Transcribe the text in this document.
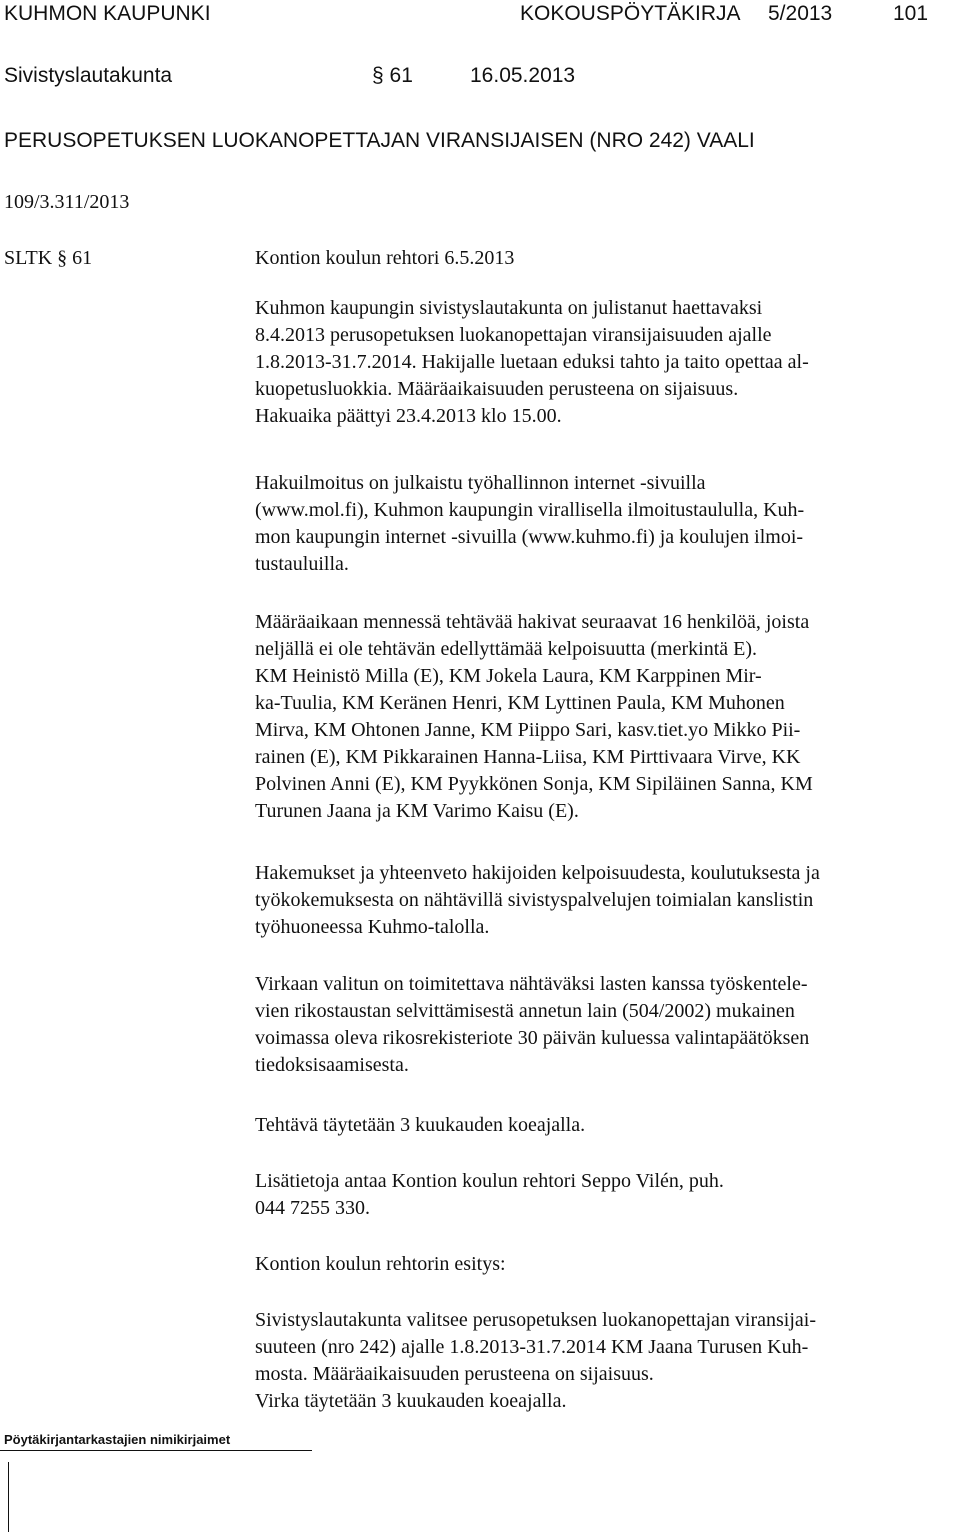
KUHMON KAUPUNKI	KOKOUSPÖYTÄKIRJA 5/2013	101
Sivistyslautakunta	§ 61	16.05.2013
PERUSOPETUKSEN LUOKANOPETTAJAN VIRANSIJAISEN (NRO 242) VAALI
109/3.311/2013
SLTK § 61	Kontion koulun rehtori 6.5.2013
Kuhmon kaupungin sivistyslautakunta on julistanut haettavaksi
8.4.2013 perusopetuksen luokanopettajan viransijaisuuden ajalle
1.8.2013-31.7.2014. Hakijalle luetaan eduksi tahto ja taito opettaa al-
kuopetusluokkia. Määräaikaisuuden perusteena on sijaisuus.
Hakuaika päättyi 23.4.2013 klo 15.00.
Hakuilmoitus on julkaistu työhallinnon internet -sivuilla
(www.mol.fi), Kuhmon kaupungin virallisella ilmoitustaululla, Kuh-
mon kaupungin internet -sivuilla (www.kuhmo.fi) ja koulujen ilmoi-
tustauluilla.
Määräaikaan mennessä tehtävää hakivat seuraavat 16 henkilöä, joista
neljällä ei ole tehtävän edellyttämää kelpoisuutta (merkintä E).
KM Heinistö Milla (E), KM Jokela Laura, KM Karppinen Mir-
ka-Tuulia, KM Keränen Henri, KM Lyttinen Paula, KM Muhonen
Mirva, KM Ohtonen Janne, KM Piippo Sari, kasv.tiet.yo Mikko Pii-
rainen (E), KM Pikkarainen Hanna-Liisa, KM Pirttivaara Virve, KK
Polvinen Anni (E), KM Pyykkönen Sonja, KM Sipiläinen Sanna, KM
Turunen Jaana ja KM Varimo Kaisu (E).
Hakemukset ja yhteenveto hakijoiden kelpoisuudesta, koulutuksesta ja
työkokemuksesta on nähtävillä sivistyspalvelujen toimialan kanslistin
työhuoneessa Kuhmo-talolla.
Virkaan valitun on toimitettava nähtäväksi lasten kanssa työskentele-
vien rikostaustan selvittämisestä annetun lain (504/2002) mukainen
voimassa oleva rikosrekisteriote 30 päivän kuluessa valintapäätöksen
tiedoksisaamisesta.
Tehtävä täytetään 3 kuukauden koeajalla.
Lisätietoja antaa Kontion koulun rehtori Seppo Vilén, puh.
044 7255 330.
Kontion koulun rehtorin esitys:
Sivistyslautakunta valitsee perusopetuksen luokanopettajan viransijai-
suuteen (nro 242) ajalle 1.8.2013-31.7.2014 KM Jaana Turusen Kuh-
mosta. Määräaikaisuuden perusteena on sijaisuus.
Virka täytetään 3 kuukauden koeajalla.
Pöytäkirjantarkastajien nimikirjaimet
